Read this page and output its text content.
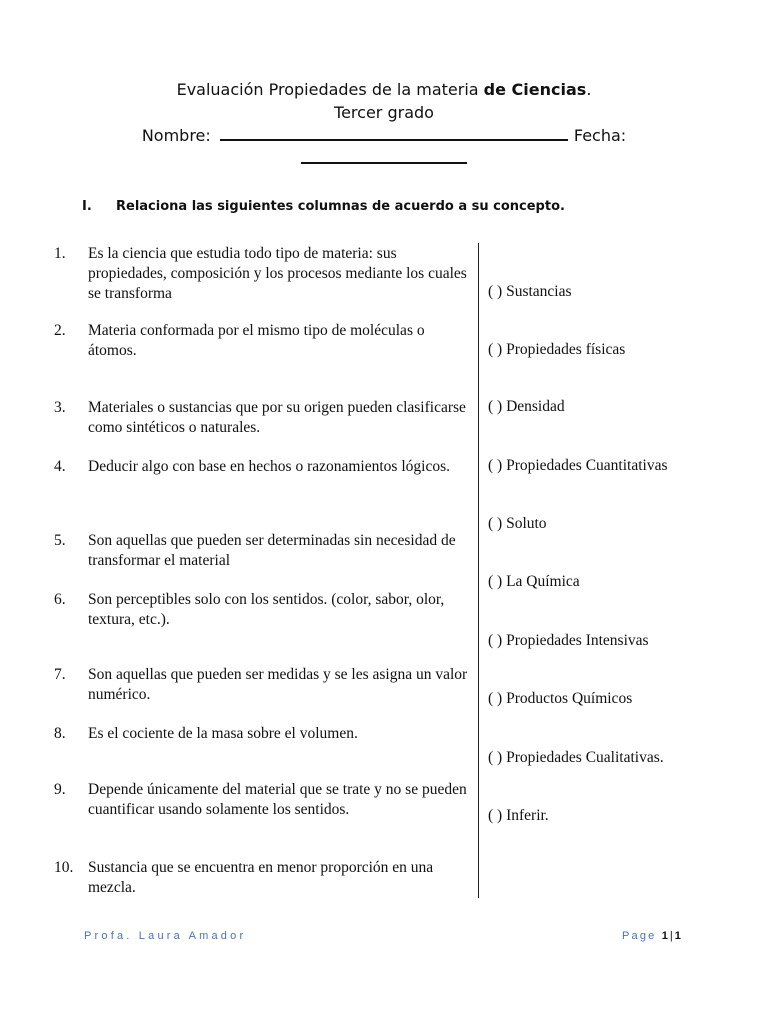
Evaluación Propiedades de la materia de Ciencias.
Tercer grado
Nombre:	Fecha:
I. Relaciona las siguientes columnas de acuerdo a su concepto.
1.	Es la ciencia que estudia todo tipo de materia: sus propiedades, composición y los procesos mediante los cuales se transforma
2.	Materia conformada por el mismo tipo de moléculas o átomos.
3.	Materiales o sustancias que por su origen pueden clasificarse como sintéticos o naturales.
4.	Deducir algo con base en hechos o razonamientos lógicos.
5.	Son aquellas que pueden ser determinadas sin necesidad de transformar el material
6.	Son perceptibles solo con los sentidos. (color, sabor, olor, textura, etc.).
7.	Son aquellas que pueden ser medidas y se les asigna un valor numérico.
8.	Es el cociente de la masa sobre el volumen.
9.	Depende únicamente del material que se trate y no se pueden cuantificar usando solamente los sentidos.
10. Sustancia que se encuentra en menor proporción en una mezcla.
( ) Sustancias
( ) Propiedades físicas
( ) Densidad
( ) Propiedades Cuantitativas
( ) Soluto
( ) La Química
( ) Propiedades Intensivas
( ) Productos Químicos
( ) Propiedades Cualitativas.
( ) Inferir.
Profa. Laura Amador	Page 1 | 1
